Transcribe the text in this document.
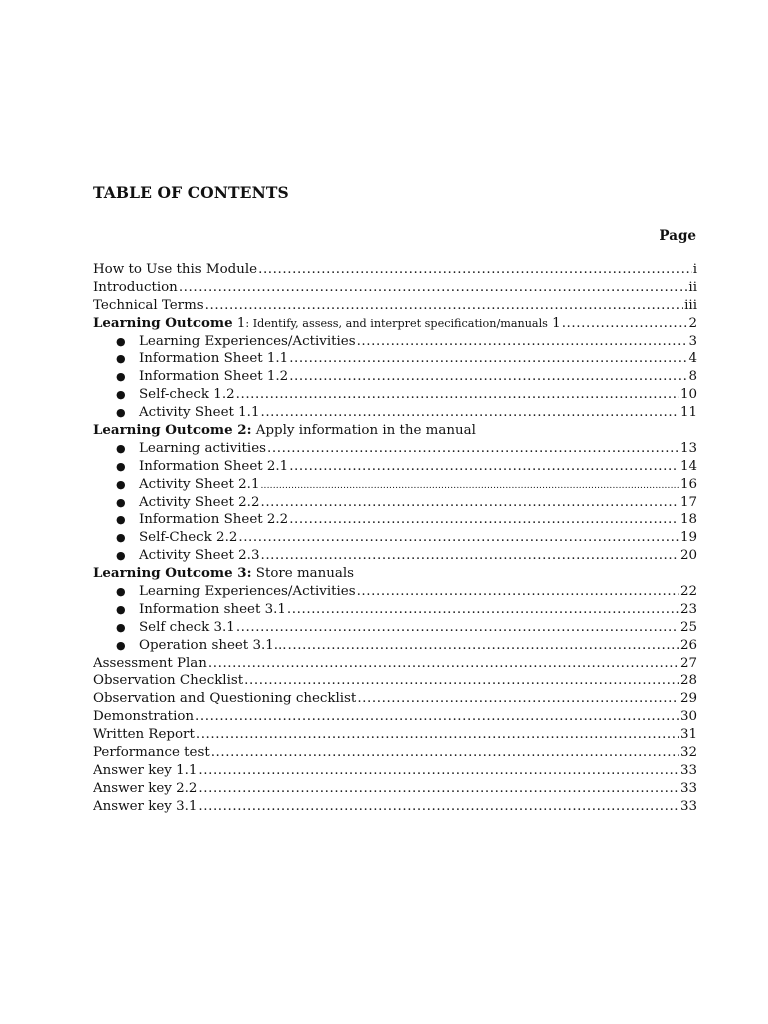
TABLE OF CONTENTS
Page
How to Use this Module .....	i
Introduction .....	ii
Technical Terms .....	iii
Learning Outcome 1: Identify, assess, and interpret specification/manuals 1 .....	2
● Learning Experiences/Activities .....	3
● Information Sheet 1.1 .....	4
● Information Sheet 1.2 .....	8
● Self-check 1.2 .....	10
● Activity Sheet 1.1 .....	11
Learning Outcome 2: Apply information in the manual
● Learning activities .....	13
● Information Sheet 2.1 .....	14
● Activity Sheet 2.1 .....	16
● Activity Sheet 2.2 .....	17
● Information Sheet 2.2 .....	18
● Self-Check 2.2 .....	19
● Activity Sheet 2.3 .....	20
Learning Outcome 3: Store manuals
● Learning Experiences/Activities .....	22
● Information sheet 3.1 .....	23
● Self check 3.1 .....	25
● Operation sheet 3.1... .....	26
Assessment Plan .....	27
Observation Checklist .....	28
Observation and Questioning checklist .....	29
Demonstration .....	30
Written Report .....	31
Performance test .....	32
Answer key 1.1 .....	33
Answer key 2.2 .....	33
Answer key 3.1 .....	33
